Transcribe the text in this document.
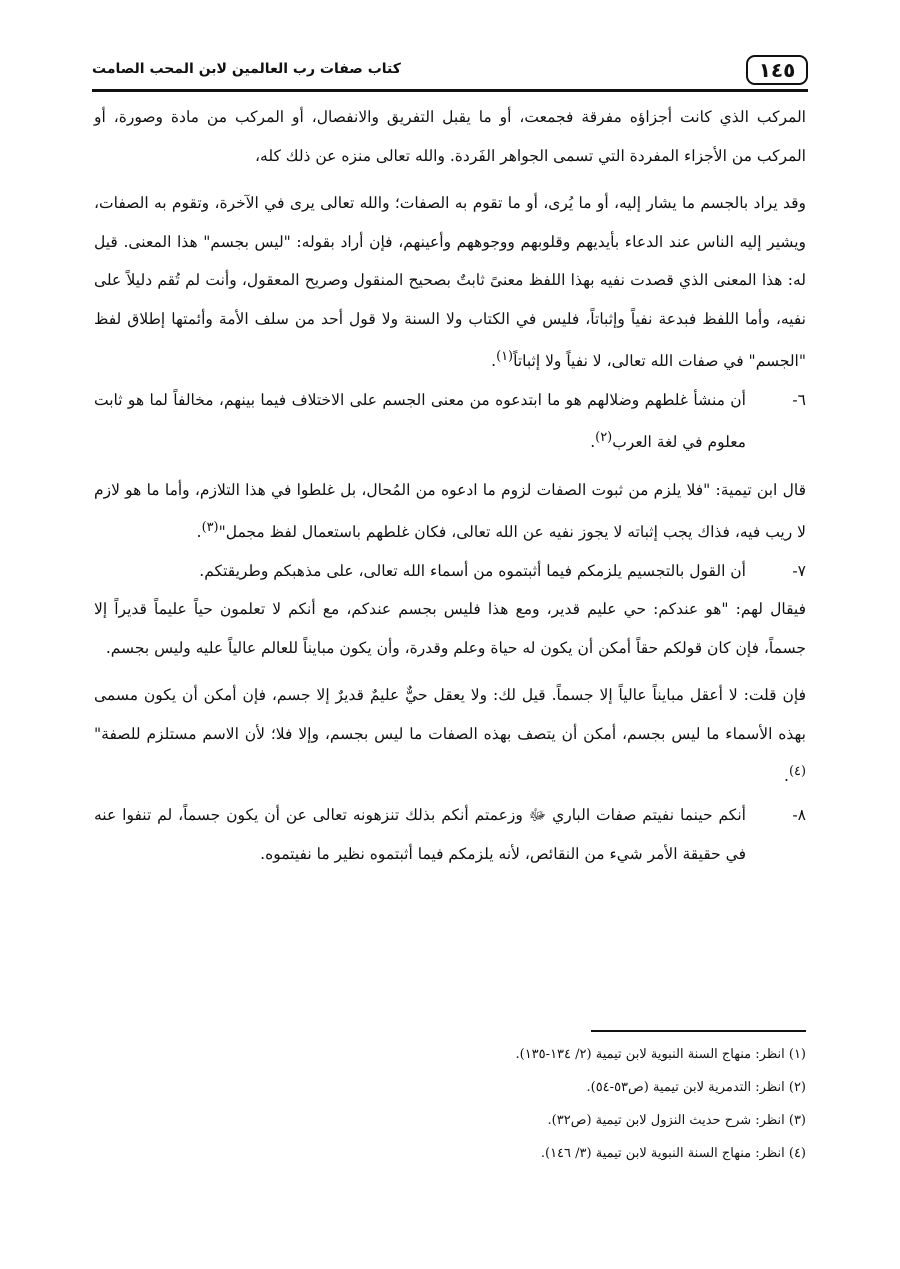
١٤٥
كتاب صفات رب العالمين لابن المحب الصامت

المركب الذي كانت أجزاؤه مفرقة فجمعت، أو ما يقبل التفريق والانفصال، أو المركب من مادة وصورة، أو المركب من الأجزاء المفردة التي تسمى الجواهر الفَردة. والله تعالى منزه عن ذلك كله،

وقد يراد بالجسم ما يشار إليه، أو ما يُرى، أو ما تقوم به الصفات؛ والله تعالى يرى في الآخرة، وتقوم به الصفات، ويشير إليه الناس عند الدعاء بأيديهم وقلوبهم ووجوههم وأعينهم، فإن أراد بقوله: "ليس بجسم" هذا المعنى. قيل له: هذا المعنى الذي قصدت نفيه بهذا اللفظ معنىً ثابتٌ بصحيح المنقول وصريح المعقول، وأنت لم تُقم دليلاً على نفيه، وأما اللفظ فبدعة نفياً وإثباتاً، فليس في الكتاب ولا السنة ولا قول أحد من سلف الأمة وأئمتها إطلاق لفظ "الجسم" في صفات الله تعالى، لا نفياً ولا إثباتاً$^{(١)}$.

٦-
أن منشأ غلطهم وضلالهم هو ما ابتدعوه من معنى الجسم على الاختلاف فيما بينهم، مخالفاً لما هو ثابت معلوم في لغة العرب$^{(٢)}$.

قال ابن تيمية: "فلا يلزم من ثبوت الصفات لزوم ما ادعوه من المُحال، بل غلطوا في هذا التلازم، وأما ما هو لازم لا ريب فيه، فذاك يجب إثباته لا يجوز نفيه عن الله تعالى، فكان غلطهم باستعمال لفظ مجمل"$^{(٣)}$.

٧-
أن القول بالتجسيم يلزمكم فيما أثبتموه من أسماء الله تعالى، على مذهبكم وطريقتكم.

فيقال لهم: "هو عندكم: حي عليم قدير، ومع هذا فليس بجسم عندكم، مع أنكم لا تعلمون حياً عليماً قديراً إلا جسماً، فإن كان قولكم حقاً أمكن أن يكون له حياة وعلم وقدرة، وأن يكون مبايناً للعالم عالياً عليه وليس بجسم.

فإن قلت: لا أعقل مبايناً عالياً إلا جسماً. قيل لك: ولا يعقل حيٌّ عليمٌ قديرٌ إلا جسم، فإن أمكن أن يكون مسمى بهذه الأسماء ما ليس بجسم، أمكن أن يتصف بهذه الصفات ما ليس بجسم، وإلا فلا؛ لأن الاسم مستلزم للصفة"$^{(٤)}$.

٨-
أنكم حينما نفيتم صفات الباري ﷻ وزعمتم أنكم بذلك تنزهونه تعالى عن أن يكون جسماً، لم تنفوا عنه في حقيقة الأمر شيء من النقائص، لأنه يلزمكم فيما أثبتموه نظير ما نفيتموه.

(١) انظر: منهاج السنة النبوية لابن تيمية (٢/ ١٣٤-١٣٥).

(٢) انظر: التدمرية لابن تيمية (ص٥٣-٥٤).

(٣) انظر: شرح حديث النزول لابن تيمية (ص٣٢).

(٤) انظر: منهاج السنة النبوية لابن تيمية (٣/ ١٤٦).
